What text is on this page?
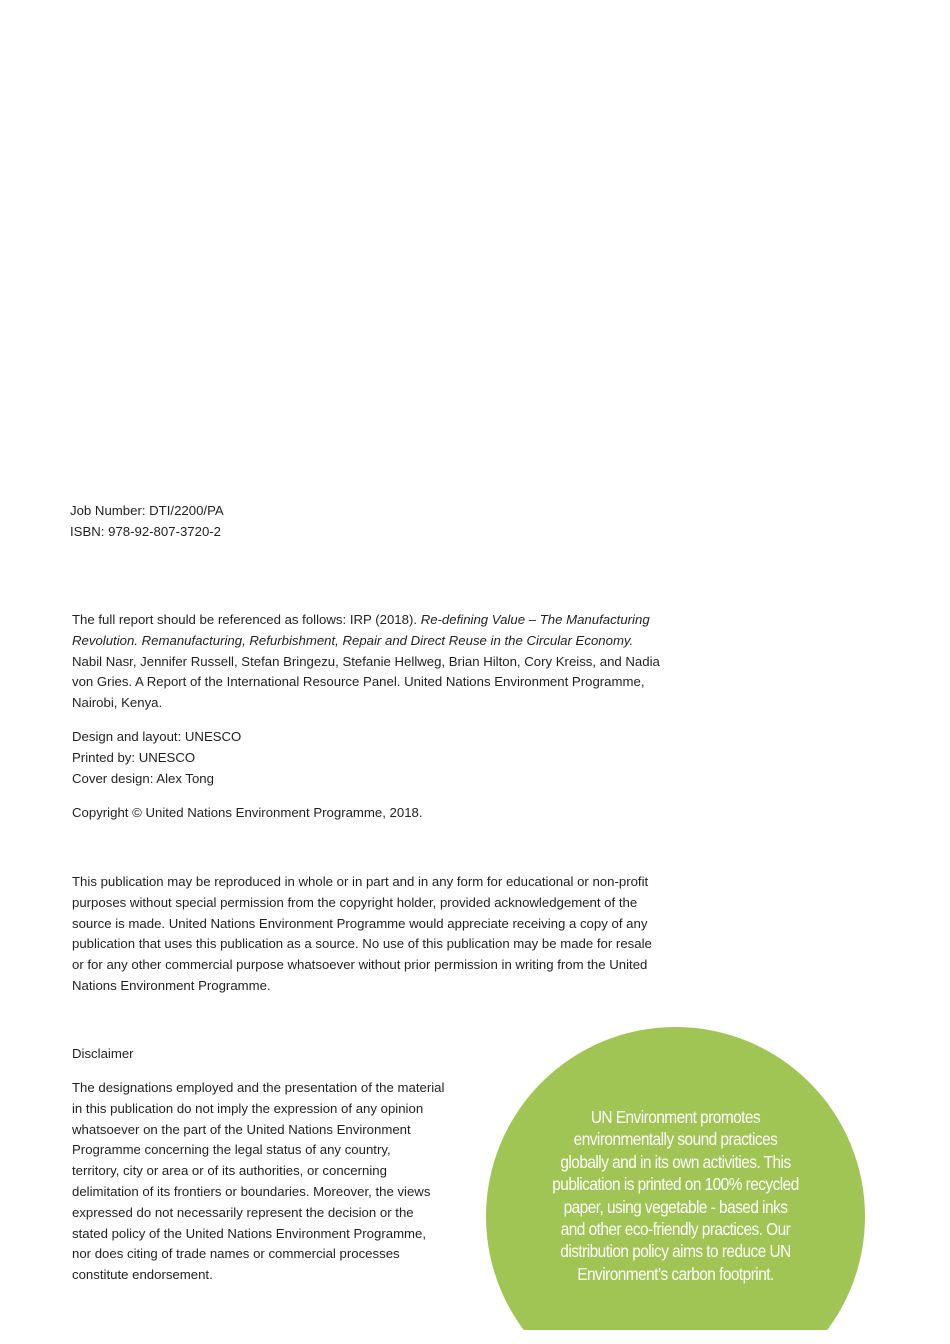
Job Number: DTI/2200/PA
ISBN: 978-92-807-3720-2
The full report should be referenced as follows: IRP (2018). Re-defining Value – The Manufacturing
Revolution. Remanufacturing, Refurbishment, Repair and Direct Reuse in the Circular Economy.
Nabil Nasr, Jennifer Russell, Stefan Bringezu, Stefanie Hellweg, Brian Hilton, Cory Kreiss, and Nadia
von Gries. A Report of the International Resource Panel. United Nations Environment Programme,
Nairobi, Kenya.
Design and layout: UNESCO
Printed by: UNESCO
Cover design: Alex Tong
Copyright © United Nations Environment Programme, 2018.
This publication may be reproduced in whole or in part and in any form for educational or non-profit
purposes without special permission from the copyright holder, provided acknowledgement of the
source is made. United Nations Environment Programme would appreciate receiving a copy of any
publication that uses this publication as a source. No use of this publication may be made for resale
or for any other commercial purpose whatsoever without prior permission in writing from the United
Nations Environment Programme.
Disclaimer
The designations employed and the presentation of the material
in this publication do not imply the expression of any opinion
whatsoever on the part of the United Nations Environment
Programme concerning the legal status of any country,
territory, city or area or of its authorities, or concerning
delimitation of its frontiers or boundaries. Moreover, the views
expressed do not necessarily represent the decision or the
stated policy of the United Nations Environment Programme,
nor does citing of trade names or commercial processes
constitute endorsement.
UN Environment promotes
environmentally sound practices
globally and in its own activities. This
publication is printed on 100% recycled
paper, using vegetable - based inks
and other eco-friendly practices. Our
distribution policy aims to reduce UN
Environment’s carbon footprint.
